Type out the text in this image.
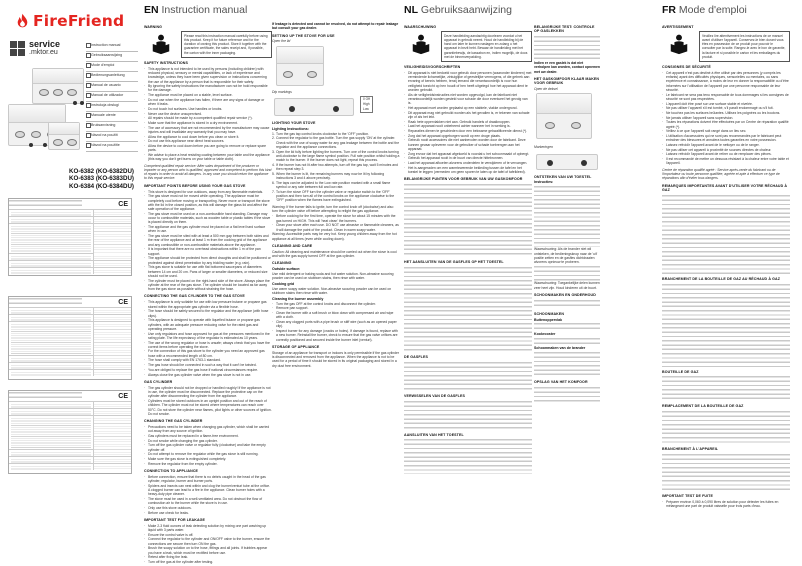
FireFriend
service
.mktor.eu
Instruction manual
Gebruiksaanwijzing
Mode d'emploi
Bedienungsanleitung
Manual de usuario
Manual de utilizador
Instrukcja obsługi
Manuale utente
Bruksanvisning
Návod na použití
Návod na použitie
KO-6382 (KO-6382DU)
KO-6383 (KO-6383DU)
KO-6384 (KO-6384DU)
CE
CE
CE
EN Instruction manual
WARNING
Please read this instruction manual carefully before using this product. Keep it for future reference and for the duration of owning this product. Store it together with the guarantee certificate, the sales receipt and, if possible, the carton with the inner packaging.
SAFETY INSTRUCTIONS
· This appliance is not intended to be used by persons (including children) with reduced physical, sensory or mental capabilities, or lack of experience and knowledge, unless they have been given supervision or instructions concerning the use of the appliance by a person that is responsible for their safety.
· By ignoring the safety instructions the manufacturer can not be hold responsible for the damage.
· The appliance must be placed on a stable, level surface.
· Do not use when the appliance has fallen, if there are any signs of damage or when it leaks.
· Do not touch hot surfaces. Use handles or knobs.
· Never use the device unsupervised.
· All repairs should be made by a competent qualified repair service (*).
· Make sure that the appliance is stored in a dry environment.
· The use of accessory that are not recommended by the manufacturer may cause injuries and will invalidate any warranty that you may have.
· Allow the appliance to cool down before you clean or store it.
· Do not use this appliance near direct heat sources.
· Allow the device to cool down before you are going to remove or replace spare parts.
· We advise to place a heat resisting coating between your table and the appliance (this way you don't get burns on your table or table cloth).

Competent qualified repair service: After sales department of the producer or importer or any person who is qualified, approved and competent to perform this kind of repairs in order to avoid all dangers. In any case you should return the appliance to this repair service.

IMPORTANT POINTS BEFORE USING YOUR GAS STOVE
· This stove is designed for use outdoors, away from any flammable materials.
· The gas stove must not be moved while operating. The appliance must be completely cool before moving or transporting. Never move or transport the stove with the lid in the closed position, as this will damage the glass lid and affect the safe operation of the appliance.
· The gas stove must be used on a non-combustible hard standing. Damage may occur to combustible materials, such as wooden table or plastic tables if the stove is placed directly on them.
· The appliance and the gas cylinder must be placed on a flat level hard surface when in use.
· The gas stove must be sited with at least a 500 mm gap between both sides and the rear of the appliance and at least 1 m from the cooking grid of the appliance and any combustible or non-combustible materials above the appliance.
· It is important that there are no overhead obstructions within 1 m of the pan support.
· The appliance should be protected from direct draughts and shall be positioned or protected against direct penetration by any trickling water (e.g. rain).
· This gas stove is suitable for use with flat bottomed saucepans of diameters between 14 cm and 20 cm. Pans of larger or smaller diameters, or reduced size should not be used.
· The cylinder must be placed on the right-hand side of the stove. Always place the cylinder at the rear of the gas stove. The cylinder should be located as far away from the gas stove as possible without straining the hose.
CONNECTING THE GAS CYLINDER TO THE GAS STOVE
· This appliance is only suitable for use with low pressure butane or propane gas stored within the appropriate gas cylinder via a flexible hose.
· The hose should be safely secured to the regulator and the appliance (with hose clips).
· This appliance is designed to operate with liquefied butane or propane gas cylinders, with an adequate pressure reducing valve for the rated gas and operating pressure.
· Use only regulators and hose approved for gas at the pressures mentioned in the rating plate. The life expectancy of the regulator is estimated as 10 years.
· The use of the wrong regulator or hose is unsafe; always check that you have the correct items before operating the stove.
· For the connection of this gas stove to the cylinder you need an approved gas hose with a recommended length of 80 cm.
· The hose shall comply with EN 1763-1 standard.
· The gas hose should be connected in such a way that it can't be twisted.
· You are obliged to replace the gas hose if national circumstances require.
· Always close the gas cylinder valve when the gas stove is not in use.
GAS CYLINDER
· The gas cylinder should not be dropped or handled roughly! If the appliance is not in use, the cylinder must be disconnected. Replace the protective cap on the cylinder after disconnecting the cylinder from the appliance.
· Cylinders must be stored outdoors in an upright position and out of the reach of children. The cylinder must not be stored where temperatures can reach over 50°C. Do not store the cylinder near flames, pilot lights or other sources of ignition. Do not smoke.
CHANGING THE GAS CYLINDER
· Precautions need to be taken when changing gas cylinder, which shall be carried out away from any source of ignition.
· Gas cylinders must be replaced in a flame-free environment.
· Do not smoke while changing the gas cylinder.
· Turn off the gas cylinder valve or regulator fully (clockwise) and take the empty cylinder off.
· Do not attempt to remove the regulator while the gas stove is still running.
· Make sure the gas stove is extinguished completely.
· Remove the regulator from the empty cylinder.
CONNECTION TO APPLIANCE
· Before connection, ensure that there is no debris caught in the head of the gas cylinder, regulator, burner and burner ports.
· Spiders and insects can nest within and clog the burner/venturi tube at the orifice. A clogged burner can lead to a fire in the appliance. Clean burner holes with a heavy-duty pipe cleaner.
· The stove must be used in a well-ventilated area. Do not obstruct the flow of combustion air to the burner while the stove is in use.
· Only use this stove outdoors.
· Before use check for leaks.
IMPORTANT TEST FOR LEAKAGE
· Make 2-3 fluid ounces of leak detecting solution by mixing one part washing up liquid with 3 parts water.
· Ensure the control valve is off.
· Connect the regulator to the cylinder and ON/OFF valve to the burner, ensure the connections are secure then turn ON the gas.
· Brush the soapy solution on to the hose, fittings and all joints. If bubbles appear you have a leak, which must be rectified before use.
· Retest after fixing the leak.
· Turn off the gas at the cylinder after testing.

If leakage is detected and cannot be resolved, do not attempt to repair leakage but consult your gas dealer.

SETTING UP THE STOVE FOR USE

Open the lid

Dip markings

0 Off
High
Low
LIGHTING YOUR STOVE
Lighting Instructions:
Turn the gas tap control knobs clockwise to the 'OFF' position.
Connect the regulator to the gas bottle. Turn the gas supply 'ON' at the cylinder. Check with the use of soapy water for any gas leakage between the bottle and the regulator and the appliance connections.
Open the lid fully before lighting the burners. Turn one of the control knobs turning anti-clockwise to the large flame symbol position. Full rate position whilst holding a match to the burner. If the burner does not light, repeat this process.
If the burner has not lit after two attempts, turn off the gas tap, wait 5 minutes and then repeat step 3.
When the burner is lit, the remaining burners may now be lit by following instructions 3 and 4 above precisely.
The taps can be adjusted to the Low rate position marked with a small flame symbol or any rate between full and low rate.
To turn the stove OFF turn the cylinder valve or regulator switch to the 'OFF' position and then turn all of the control knobs on the appliance clockwise to the 'OFF' position when the flames have extinguished.

Warning: If the burner fails to ignite, turn the control knob off (clockwise) and also turn the cylinder valve off before attempting to relight the gas appliance.

· Before cooking for the first time, operate the stove for about 15 minutes with the gas turned on HIGH. This will 'heat clean' the burners.
· Clean your stove after each use. DO NOT use abrasive or flammable cleaners, as it will damage the paint of the product. Clean in warm soapy water.

Warning: Accessible parts may be very hot. Keep young children away from the hot appliance at all times (even while cooling down).

CLEANING AND CARE

Caution: All cleaning and maintenance should be carried out when the stove is cool and with the gas supply turned OFF at the gas cylinder.

CLEANING
Outside surface:

Use mild detergent or baking soda and hot water solution. Non-abrasive scouring powder can be used on stubborn stains, then rinse with water.

Cooking grid

Use warm soapy water solution. Non-abrasive scouring powder can be used on stubborn stains then rinse with water.

Cleaning the burner assembly
· Turn the gas OFF at the control knobs and disconnect the cylinder.
· Remove pan support.
· Clean the burner with a soft brush or blow down with compressed air and wipe with a cloth.
· Clean any clogged ports with a pipe brush or stiff wire (such as an opened paper clip).
· Inspect burner for any damage (cracks or holes). If damage is found, replace with a new burner. Reinstall the burner, check to ensure that the gas valve orifices are correctly positioned and secured inside the burner inlet (venturi).
STORAGE OF APPLIANCE

Storage of an appliance for transport or indoors is only permissible if the gas cylinder is disconnected and removed from the appliance. When the appliance is not to be used for a period of time it should be stored in its original packaging and stored in a dry dust free environment.

NL Gebruiksaanwijzing
WAARSCHUWING
Deze handleiding aandachtig doorlezen voordat u het apparaat in gebruik neemt. Houd de handleiding bij de hand om later te kunnen naslagen en zolang u het apparaat in bezit hebt. Bewaar de handleiding met het garantiebewijs, de kassabon en, indien mogelijk, de doos met de binnenverpakking.
VEILIGHEIDSVOORSCHRIFTEN
· Dit apparaat is niet bedoeld voor gebruik door personen (waaronder kinderen) met verminderde lichamelijke, zintuiglijke of geestelijke vermogens, of die gebrek aan ervaring of kennis hebben, tenzij iemand die verantwoordelijk is voor hun veiligheid toezicht op hen houdt of hen heeft uitgelegd hoe het apparaat dient te worden gebruikt.
· Als de veiligheidsinstructies niet worden opgevolgd, kan de fabrikant niet verantwoordelijk worden gesteld voor schade die door eventueel het gevolg van is.
· Het apparaat moet worden geplaatst op een stabiele, vlakke ondergrond.
· Dit apparaat mag niet gebruikt worden als het gevallen is, er tekenen van schade zijn of als het lekt.
· Raak hete oppervlakken niet aan. Gebruik handels of draaiknoppen.
· Laat het apparaat nooit onbeheerd achter wanneer het in werking is.
· Reparaties dienen te geschieden door een bekwame gekwalificeerde dienst (*).
· Zorg dat het apparaat opgeborgen wordt op een droge plaats.
· Gebruik nooit accessoires die niet aanbevolen worden door de fabrikant. Deze kunnen gevaar opleveren voor de gebruiker of schade toebrengen aan het apparaat.
· Zorg ervoor dat het apparaat afgekoeld is voordat u het schoonmaakt of opbergt.
· Gebruik het apparaat nooit in de buurt van directe hittebronnen.
· Laat het apparaat afkoelen alvorens onderdelen te verwijderen of te vervangen.
· Het is aangeraden om een warmtewerende bekleding tussen de tafel en het toestel te leggen (vermeden om geen sporen te laten op de tafel of tafelkleed).
BELANGRIJKE PUNTEN VOOR GEBRUIK VAN UW GASKOMFOOR
HET AANSLUITEN VAN DE GASFLES OP HET TOESTEL
DE GASFLES
VERWISSELEN VAN DE GASFLES
AANSLUITEN VAN HET TOESTEL
BELANGRIJKE TEST: CONTROLE OP GASLEKKEN

Indien er een gaslek is dat niet verholpen kan worden, contact opnemen met uw dealer.

HET GASKOMFOOR KLAAR MAKEN VOOR GEBRUIK

Open de deksel

Markeringen

ONTSTEKEN VAN UW TOESTEL
Instructies:

Waarschuwing: Als de brander niet wil ontsteken, de bedieningsknop naar de 'uit' positie zetten en de gasfles dichtdraaien alvorens opnieuw te proberen.

Waarschuwing: Toegankelijke delen kunnen zeer heet zijn. Houd kinderen uit de buurt.

SCHOONMAKEN EN ONDERHOUD
SCHOONMAKEN
Buitenoppervlak
Kookrooster
Schoonmaken van de brander
OPSLAG VAN HET KOMFOOR
FR Mode d'emploi
AVERTISSEMENT
Veuillez lire attentivement les instructions de ce manuel avant d'utiliser l'appareil. Conservez-le bien durant vous êtes en possession de ce produit pour pouvoir le consulter par la suite. Rangez-le avec le bon de garantie, la facture et si possible le carton et les emballages du produit.
CONSIGNES DE SÉCURITÉ
· Cet appareil n'est pas destiné à être utilisé par des personnes (y compris les enfants) ayant des difficultés physiques, sensorielles ou mentales, ou sans expérience et connaissance, à moins de leur en donner la responsabilité ou d'être informées sur l'utilisation de l'appareil par une personne responsable de leur sécurité.
· Le fabricant ne sera pas tenu responsable de tous dommages si les consignes de sécurité ne sont pas respectées.
· L'appareil doit être posé sur une surface stable et nivelée.
· Ne pas utiliser l'appareil s'il est tombé, s'il paraît endommagé ou s'il fuit.
· Ne touchez pas les surfaces brûlantes. Utilisez les poignées ou les boutons.
· Ne jamais utiliser l'appareil sans supervision.
· Toutes les réparations doivent être effectuées par un Centre de réparation qualifié agréé (*).
· Veillez à ce que l'appareil soit rangé dans un lieu sec.
· L'utilisation d'accessoires qui ne sont pas recommandés par le fabricant peut entraîner des blessures et annulera toutes garanties en votre possession.
· Laissez refroidir l'appareil avant de le nettoyer ou de le ranger.
· Ne pas utiliser cet appareil à proximité de sources directes de chaleur.
· Laissez refroidir l'appareil avant de retirer ou de remplacer des pièces.
· Il est recommandé de mettre un dessous résistant à la chaleur entre votre table et l'appareil.

Centre de réparation qualifié agréé : Service après-vente du fabricant ou de l'importateur ou toute personne qualifiée, agréée et apte à effectuer ce type de réparations afin d'éviter tous dangers.

REMARQUES IMPORTANTES AVANT D'UTILISER VOTRE RÉCHAUD À GAZ
BRANCHEMENT DE LA BOUTEILLE DE GAZ AU RÉCHAUD À GAZ
BOUTEILLE DE GAZ
REMPLACEMENT DE LA BOUTEILLE DE GAZ
BRANCHEMENT À L'APPAREIL
IMPORTANT TEST DE FUITE
· Préparer environ 0,060 à 0,090 litres de solution pour détecter les fuites en mélangeant une part de produit vaisselle pour trois parts d'eau.
